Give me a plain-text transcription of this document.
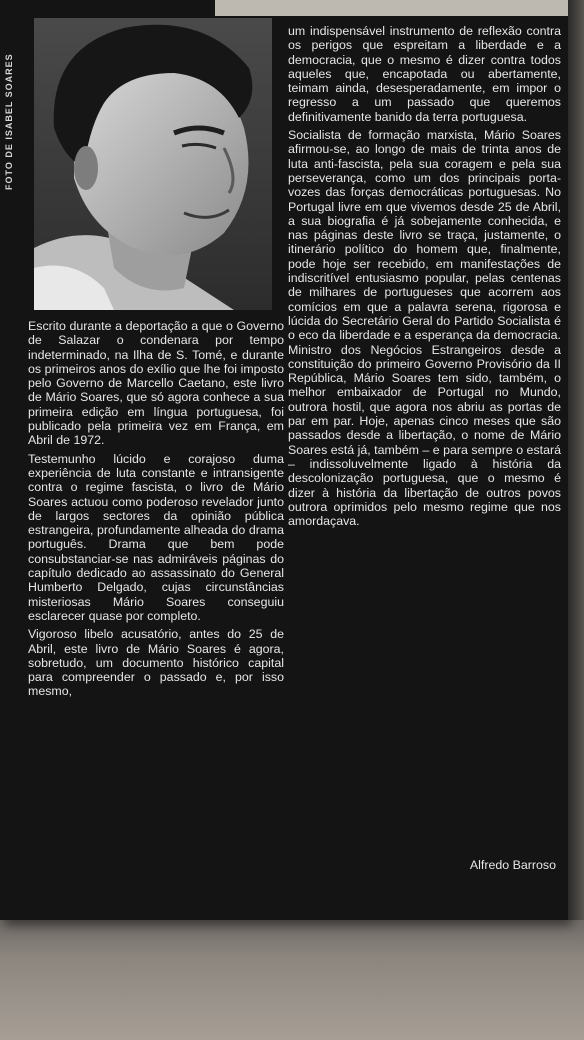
FOTO DE ISABEL SOARES

Escrito durante a deportação a que o Governo de Salazar o condenara por tempo indeterminado, na Ilha de S. Tomé, e durante os primeiros anos do exílio que lhe foi imposto pelo Governo de Marcello Caetano, este livro de Mário Soares, que só agora conhece a sua primeira edição em língua portuguesa, foi publicado pela primeira vez em França, em Abril de 1972.

Testemunho lúcido e corajoso duma experiência de luta constante e intransigente contra o regime fascista, o livro de Mário Soares actuou como poderoso revelador junto de largos sectores da opinião pública estrangeira, profundamente alheada do drama português. Drama que bem pode consubstanciar-se nas admiráveis páginas do capítulo dedicado ao assassinato do General Humberto Delgado, cujas circunstâncias misteriosas Mário Soares conseguiu esclarecer quase por completo.

Vigoroso libelo acusatório, antes do 25 de Abril, este livro de Mário Soares é agora, sobretudo, um documento histórico capital para compreender o passado e, por isso mesmo,

um indispensável instrumento de reflexão contra os perigos que espreitam a liberdade e a democracia, que o mesmo é dizer contra todos aqueles que, encapotada ou abertamente, teimam ainda, desesperadamente, em impor o regresso a um passado que queremos definitivamente banido da terra portuguesa.

Socialista de formação marxista, Mário Soares afirmou-se, ao longo de mais de trinta anos de luta anti-fascista, pela sua coragem e pela sua perseverança, como um dos principais porta-vozes das forças democráticas portuguesas. No Portugal livre em que vivemos desde 25 de Abril, a sua biografia é já sobejamente conhecida, e nas páginas deste livro se traça, justamente, o itinerário político do homem que, finalmente, pode hoje ser recebido, em manifestações de indiscritível entusiasmo popular, pelas centenas de milhares de portugueses que acorrem aos comícios em que a palavra serena, rigorosa e lúcida do Secretário Geral do Partido Socialista é o eco da liberdade e a esperança da democracia. Ministro dos Negócios Estrangeiros desde a constituição do primeiro Governo Provisório da II República, Mário Soares tem sido, também, o melhor embaixador de Portugal no Mundo, outrora hostil, que agora nos abriu as portas de par em par. Hoje, apenas cinco meses que são passados desde a libertação, o nome de Mário Soares está já, também – e para sempre o estará – indissoluvelmente ligado à história da descolonização portuguesa, que o mesmo é dizer à história da libertação de outros povos outrora oprimidos pelo mesmo regime que nos amordaçava.

Alfredo Barroso
